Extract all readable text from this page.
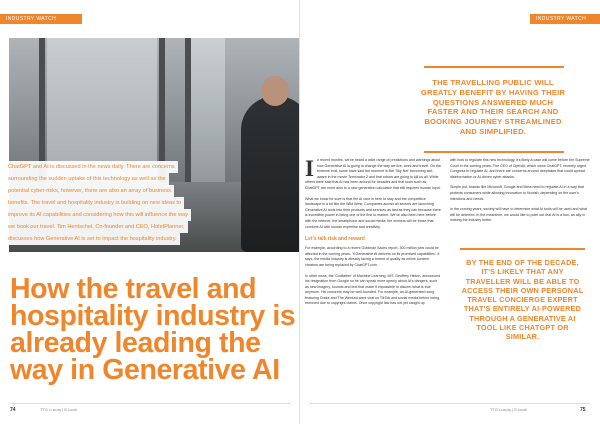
INDUSTRY WATCH
ChatGPT and AI is discussed in the news daily. There are concerns
surrounding the sudden uptake of this technology as well as the
potential cyber-risks, however, there are also an array of business
benefits. The travel and hospitality industry is building on new ideas to
improve its AI capabilities and considering how this will influence the way
we book our travel. Tim Hentschel, Co-founder and CEO, HotelPlanner,
discusses how Generative AI is set to impact the hospitality industry.
How the travel and hospitality industry is already leading the way in Generative AI
74	TTG Luxury | E-book
INDUSTRY WATCH
THE TRAVELLING PUBLIC WILL GREATLY BENEFIT BY HAVING THEIR QUESTIONS ANSWERED MUCH FASTER AND THEIR SEARCH AND BOOKING JOURNEY STREAMLINED AND SIMPLIFIED.

In recent months, we've heard a wide range of predictions and warnings about how Generative AI is going to change the way we live, work and travel. On the extreme end, some have said the moment is like 'Sky Net' becoming self-aware in the movie Terminator 2 and that robots are going to kill us all. While others have said that AI has been around for decades and that tools such as ChatGPT are more akin to a new generation calculator that still requires human input.

What we know for sure is that the AI race is here to stay and the competitive landscape is a bit like the Wild West. Companies across all sectors are launching Generative AI tools into their products and services as fast as they can because there is incredible power in being one of the first to market. We've also been here before with the internet, the smartphone and social media; the winners will be those that combine AI with human expertise and creativity.

Let's talk risk and reward

For example, according to a recent Goldman Sachs report, 300 million jobs could be affected in the coming years. 'If Generative AI delivers on its promised capabilities', it says, the media industry is already facing a torrent of quality as online content creators are being replaced by ChatGPT.com.

In other news, the 'Godfather' of Machine Learning, MIT, Geoffrey Hinton, announced his resignation from Google so he can speak more openly about AI's dangers, such as new imagery, sounds and text that make it impossible to discern what is true anymore. His concerns may be well-founded. For example, an AI-generated song featuring Drake and The Weeknd went viral on TikTok and social media before being removed due to copyright claims. Once copyright law has not yet caught up

with how to regulate this new technology, it's likely a case will come before the Supreme Court in the coming years. The CEO of OpenAI, which owns ChatGPT, recently urged Congress to regulate AI, and there are concerns around deepfakes that could spread disinformation or AI-driven cyber attacks.

Simple put, brands like Microsoft, Google and Meta need to regulate AI in a way that protects consumers while allowing innovation to flourish, depending on the user's intentions and needs.

In the coming years, society will have to determine what AI tools will be used and what will be deterred. In the meantime, we would like to point out that AI is a tool, an ally in making the industry better.

BY THE END OF THE DECADE, IT'S LIKELY THAT ANY TRAVELLER WILL BE ABLE TO ACCESS THEIR OWN PERSONAL TRAVEL CONCIERGE EXPERT THAT'S ENTIRELY AI-POWERED THROUGH A GENERATIVE AI TOOL LIKE CHATGPT OR SIMILAR.
TTG Luxury | E-book	75
